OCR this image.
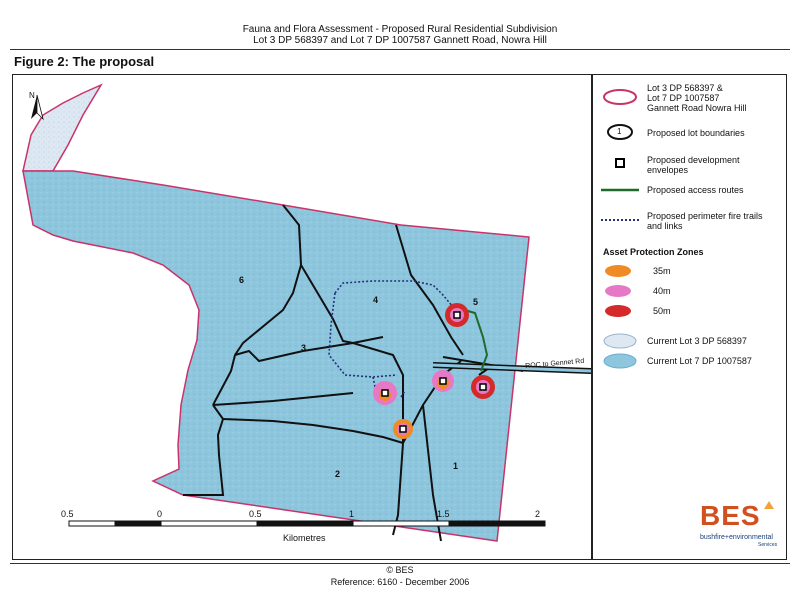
Fauna and Flora Assessment - Proposed Rural Residential Subdivision
Lot 3 DP 568397 and Lot 7 DP 1007587 Gannett Road, Nowra Hill
Figure 2: The proposal
N
6
4	5
3
2
1
ROC to Gennet Rd
0.5	0	0.5	1	1.5	2
Kilometres
Lot 3 DP 568397 &
Lot 7 DP 1007587
Gannett Road Nowra Hill
1	Proposed lot boundaries
Proposed development
envelopes
Proposed access routes
Proposed perimeter fire trails
and links
Asset Protection Zones
35m
40m
50m
Current Lot 3 DP 568397
Current Lot 7 DP 1007587
BES
bushfire+environmental
Services
© BES
Reference: 6160 - December 2006
